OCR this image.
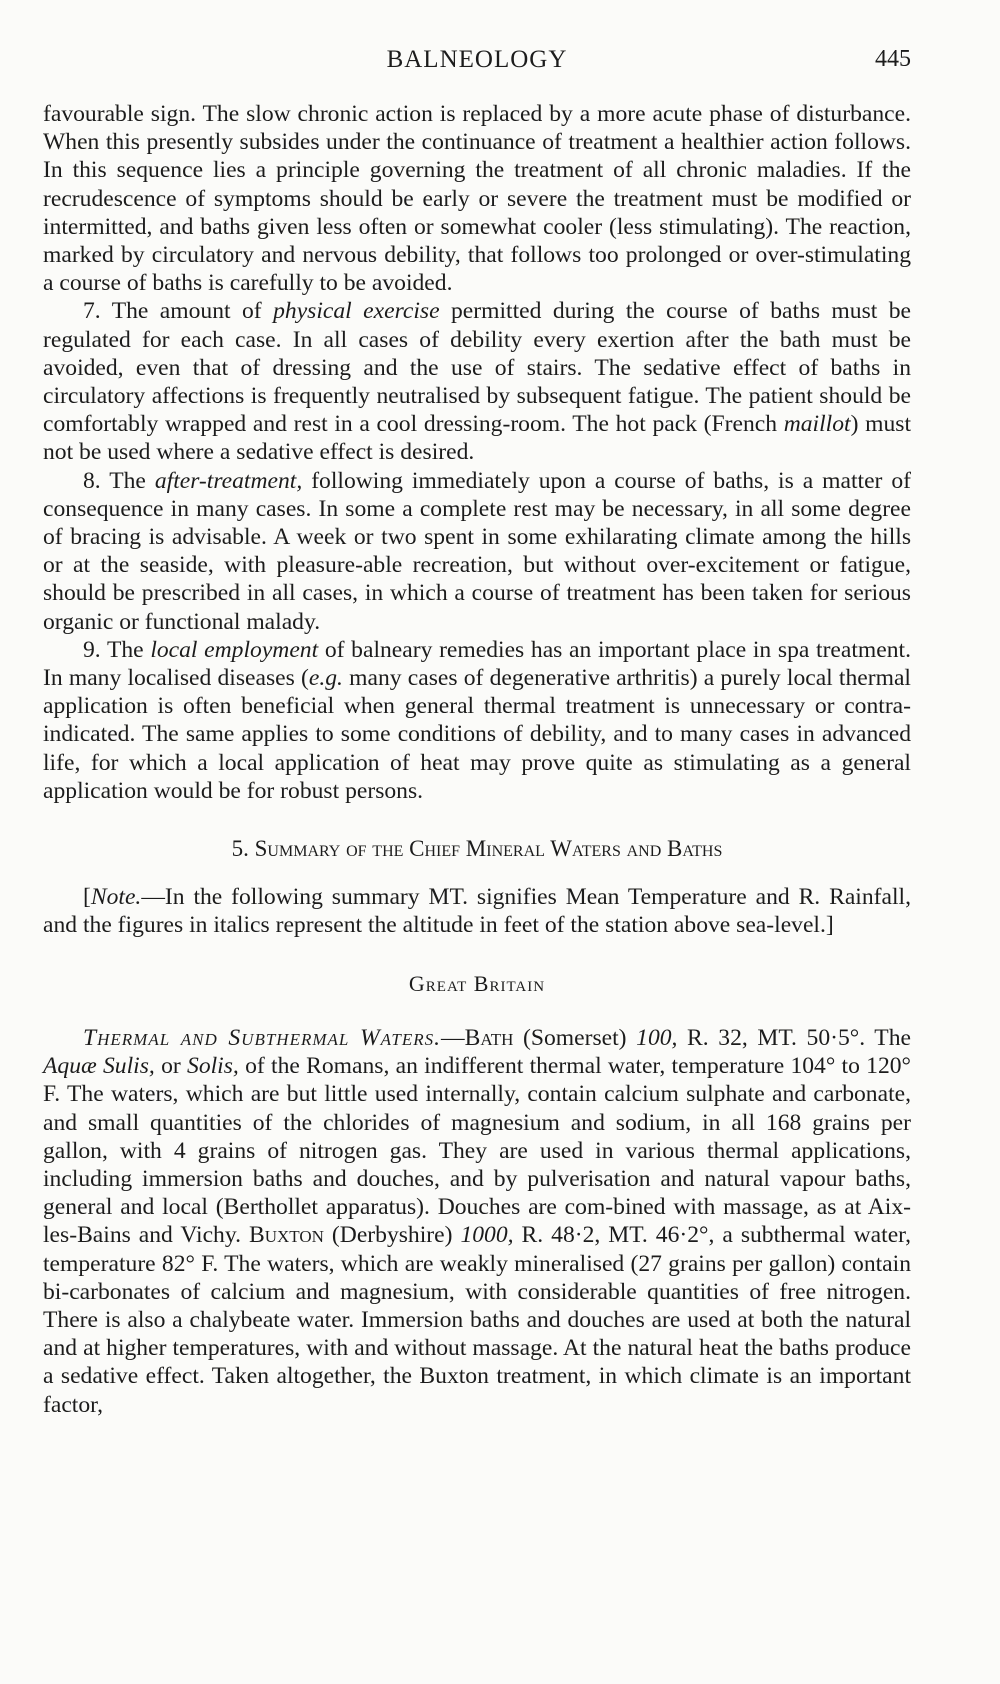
BALNEOLOGY	445

favourable sign. The slow chronic action is replaced by a more acute phase of disturbance. When this presently subsides under the continuance of treatment a healthier action follows. In this sequence lies a principle governing the treatment of all chronic maladies. If the recrudescence of symptoms should be early or severe the treatment must be modified or intermitted, and baths given less often or somewhat cooler (less stimulating). The reaction, marked by circulatory and nervous debility, that follows too prolonged or over-stimulating a course of baths is carefully to be avoided.

7. The amount of physical exercise permitted during the course of baths must be regulated for each case. In all cases of debility every exertion after the bath must be avoided, even that of dressing and the use of stairs. The sedative effect of baths in circulatory affections is frequently neutralised by subsequent fatigue. The patient should be comfortably wrapped and rest in a cool dressing-room. The hot pack (French maillot) must not be used where a sedative effect is desired.

8. The after-treatment, following immediately upon a course of baths, is a matter of consequence in many cases. In some a complete rest may be necessary, in all some degree of bracing is advisable. A week or two spent in some exhilarating climate among the hills or at the seaside, with pleasure-able recreation, but without over-excitement or fatigue, should be prescribed in all cases, in which a course of treatment has been taken for serious organic or functional malady.

9. The local employment of balneary remedies has an important place in spa treatment. In many localised diseases (e.g. many cases of degenerative arthritis) a purely local thermal application is often beneficial when general thermal treatment is unnecessary or contra-indicated. The same applies to some conditions of debility, and to many cases in advanced life, for which a local application of heat may prove quite as stimulating as a general application would be for robust persons.

5. Summary of the Chief Mineral Waters and Baths

[Note.—In the following summary MT. signifies Mean Temperature and R. Rainfall, and the figures in italics represent the altitude in feet of the station above sea-level.]

Great Britain

Thermal and Subthermal Waters.—Bath (Somerset) 100, R. 32, MT. 50·5°. The Aquæ Sulis, or Solis, of the Romans, an indifferent thermal water, temperature 104° to 120° F. The waters, which are but little used internally, contain calcium sulphate and carbonate, and small quantities of the chlorides of magnesium and sodium, in all 168 grains per gallon, with 4 grains of nitrogen gas. They are used in various thermal applications, including immersion baths and douches, and by pulverisation and natural vapour baths, general and local (Berthollet apparatus). Douches are com-bined with massage, as at Aix-les-Bains and Vichy. Buxton (Derbyshire) 1000, R. 48·2, MT. 46·2°, a subthermal water, temperature 82° F. The waters, which are weakly mineralised (27 grains per gallon) contain bi-carbonates of calcium and magnesium, with considerable quantities of free nitrogen. There is also a chalybeate water. Immersion baths and douches are used at both the natural and at higher temperatures, with and without massage. At the natural heat the baths produce a sedative effect. Taken altogether, the Buxton treatment, in which climate is an important factor,
